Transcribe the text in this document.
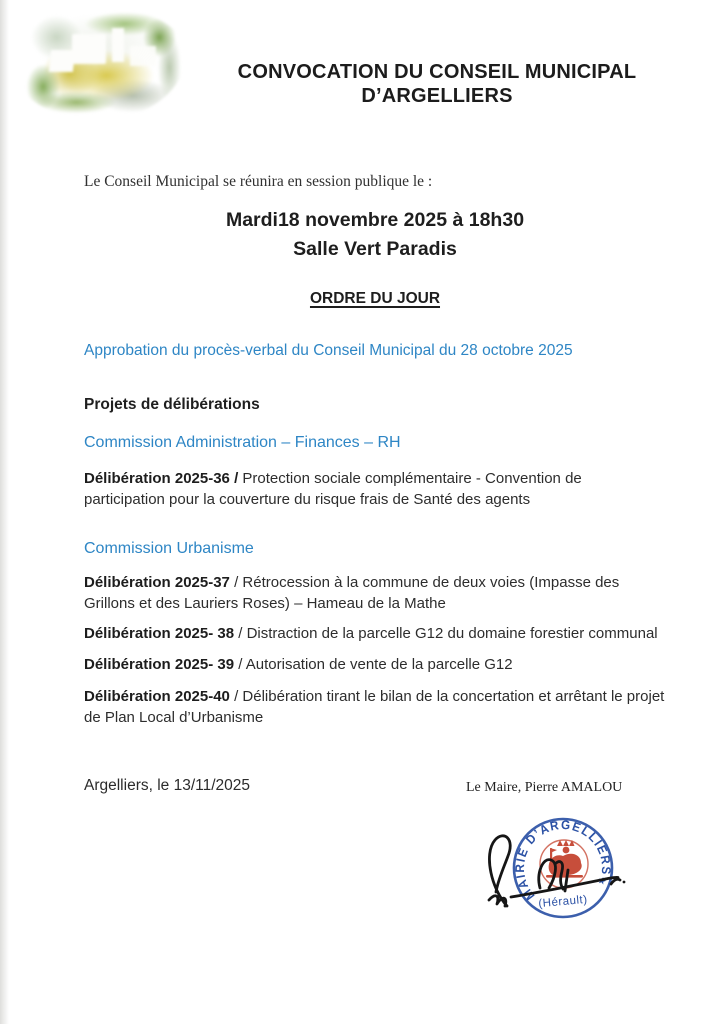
CONVOCATION DU CONSEIL MUNICIPAL
D’ARGELLIERS

Le Conseil Municipal se réunira en session publique le :

Mardi18 novembre 2025 à 18h30
Salle Vert Paradis
ORDRE DU JOUR

Approbation du procès-verbal du Conseil Municipal du 28 octobre 2025

Projets de délibérations

Commission Administration – Finances – RH

Délibération 2025-36 / Protection sociale complémentaire - Convention de participation pour la couverture du risque frais de Santé des agents

Commission Urbanisme

Délibération 2025-37 / Rétrocession à la commune de deux voies (Impasse des Grillons et des Lauriers Roses) – Hameau de la Mathe

Délibération 2025- 38 / Distraction de la parcelle G12 du domaine forestier communal

Délibération 2025- 39 / Autorisation de vente de la parcelle G12

Délibération 2025-40 / Délibération tirant le bilan de la concertation et arrêtant le projet de Plan Local d’Urbanisme

Argelliers, le 13/11/2025	Le Maire, Pierre AMALOU

MAIRIE D’ARGELLIERS
★
(Hérault)
